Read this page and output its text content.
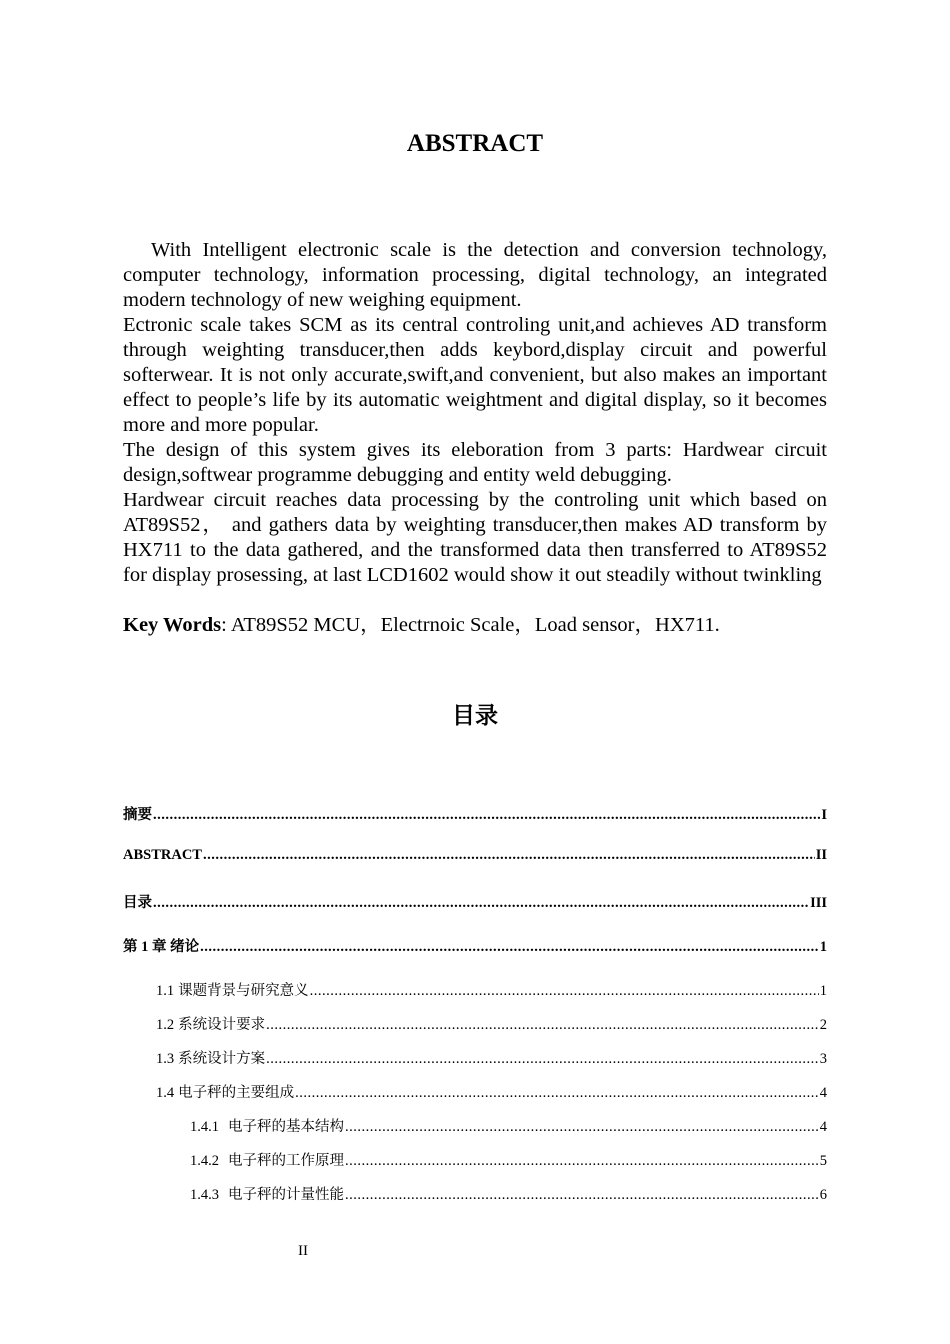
ABSTRACT

With Intelligent electronic scale is the detection and conversion technology, computer technology, information processing, digital technology, an integrated modern technology of new weighing equipment.

Ectronic scale takes SCM as its central controling unit,and achieves AD transform through weighting transducer,then adds keybord,display circuit and powerful softerwear. It is not only accurate,swift,and convenient, but also makes an important effect to people’s life by its automatic weightment and digital display, so it becomes more and more popular.

The design of this system gives its eleboration from 3 parts: Hardwear circuit design,softwear programme debugging and entity weld debugging.

Hardwear circuit reaches data processing by the controling unit which based on AT89S52， and gathers data by weighting transducer,then makes AD transform by HX711 to the data gathered, and the transformed data then transferred to AT89S52 for display prosessing, at last LCD1602 would show it out steadily without twinkling

Key Words: AT89S52 MCU，Electrnoic Scale，Load sensor，HX711.

目录
摘要 .....	I
ABSTRACT .....	II
目录 .....	III
第 1 章 绪论 .....	1
1.1 课题背景与研究意义 .....	1
1.2 系统设计要求 .....	2
1.3 系统设计方案 .....	3
1.4 电子秤的主要组成 .....	4
1.4.1 电子秤的基本结构 .....	4
1.4.2 电子秤的工作原理 .....	5
1.4.3 电子秤的计量性能 .....	6
II
